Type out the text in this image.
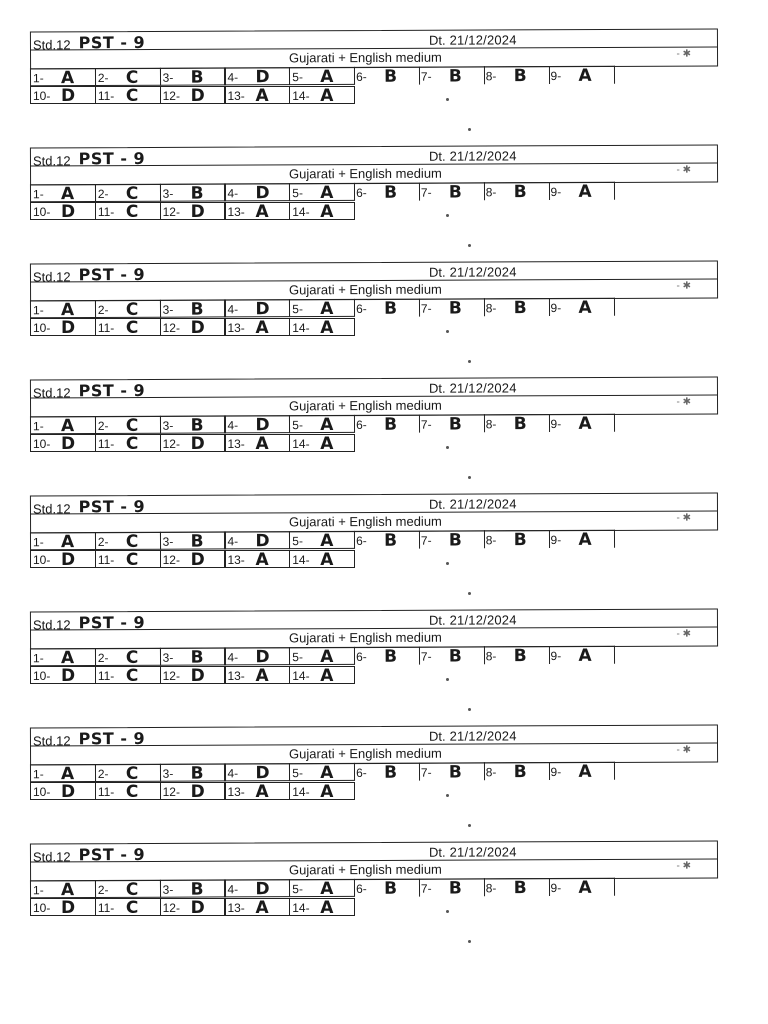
Std.12 PST - 9	Dt. 21/12/2024
Gujarati + English medium	- ✱
1- A 2- C 3- B 4- D 5- A 6- B 7- B 8- B 9- A
10- D 11- C 12- D 13- A 14- A
Std.12 PST - 9	Dt. 21/12/2024
Gujarati + English medium	- ✱
1- A 2- C 3- B 4- D 5- A 6- B 7- B 8- B 9- A
10- D 11- C 12- D 13- A 14- A
Std.12 PST - 9	Dt. 21/12/2024
Gujarati + English medium	- ✱
1- A 2- C 3- B 4- D 5- A 6- B 7- B 8- B 9- A
10- D 11- C 12- D 13- A 14- A
Std.12 PST - 9	Dt. 21/12/2024
Gujarati + English medium	- ✱
1- A 2- C 3- B 4- D 5- A 6- B 7- B 8- B 9- A
10- D 11- C 12- D 13- A 14- A
Std.12 PST - 9	Dt. 21/12/2024
Gujarati + English medium	- ✱
1- A 2- C 3- B 4- D 5- A 6- B 7- B 8- B 9- A
10- D 11- C 12- D 13- A 14- A
Std.12 PST - 9	Dt. 21/12/2024
Gujarati + English medium	- ✱
1- A 2- C 3- B 4- D 5- A 6- B 7- B 8- B 9- A
10- D 11- C 12- D 13- A 14- A
Std.12 PST - 9	Dt. 21/12/2024
Gujarati + English medium	- ✱
1- A 2- C 3- B 4- D 5- A 6- B 7- B 8- B 9- A
10- D 11- C 12- D 13- A 14- A
Std.12 PST - 9	Dt. 21/12/2024
Gujarati + English medium	- ✱
1- A 2- C 3- B 4- D 5- A 6- B 7- B 8- B 9- A
10- D 11- C 12- D 13- A 14- A
